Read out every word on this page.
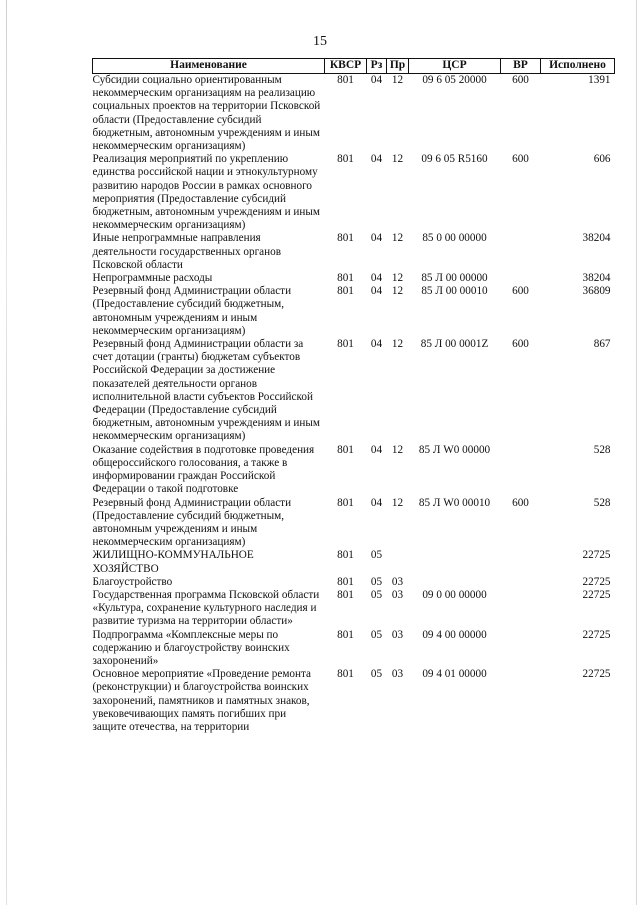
15
Наименование	КВСР	Рз	Пр	ЦСР	ВР	Исполнено
Субсидии социально ориентированным некоммерческим организациям на реализацию социальных проектов на территории Псковской области (Предоставление субсидий бюджетным, автономным учреждениям и иным некоммерческим организациям)	801	04	12	09 6 05 20000	600	1391
Реализация мероприятий по укреплению единства российской нации и этнокультурному развитию народов России в рамках основного мероприятия (Предоставление субсидий бюджетным, автономным учреждениям и иным некоммерческим организациям)	801	04	12	09 6 05 R5160	600	606
Иные непрограммные направления деятельности государственных органов Псковской области	801	04	12	85 0 00 00000		38204
Непрограммные расходы	801	04	12	85 Л 00 00000		38204
Резервный фонд Администрации области (Предоставление субсидий бюджетным, автономным учреждениям и иным некоммерческим организациям)	801	04	12	85 Л 00 00010	600	36809
Резервный фонд Администрации области за счет дотации (гранты) бюджетам субъектов Российской Федерации за достижение показателей деятельности органов исполнительной власти субъектов Российской Федерации (Предоставление субсидий бюджетным, автономным учреждениям и иным некоммерческим организациям)	801	04	12	85 Л 00 0001Z	600	867
Оказание содействия в подготовке проведения общероссийского голосования, а также в информировании граждан Российской Федерации о такой подготовке	801	04	12	85 Л W0 00000		528
Резервный фонд Администрации области (Предоставление субсидий бюджетным, автономным учреждениям и иным некоммерческим организациям)	801	04	12	85 Л W0 00010	600	528
ЖИЛИЩНО-КОММУНАЛЬНОЕ ХОЗЯЙСТВО	801	05				22725
Благоустройство	801	05	03			22725
Государственная программа Псковской области «Культура, сохранение культурного наследия и развитие туризма на территории области»	801	05	03	09 0 00 00000		22725
Подпрограмма «Комплексные меры по содержанию и благоустройству воинских захоронений»	801	05	03	09 4 00 00000		22725
Основное мероприятие «Проведение ремонта (реконструкции) и благоустройства воинских захоронений, памятников и памятных знаков, увековечивающих память погибших при защите отечества, на территории	801	05	03	09 4 01 00000		22725
